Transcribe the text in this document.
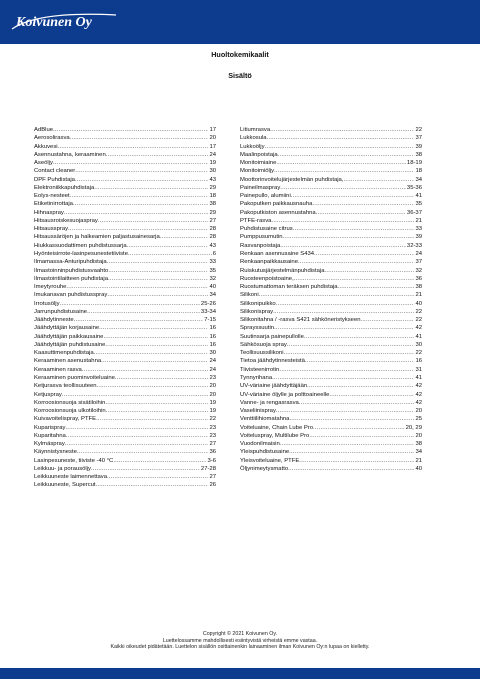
Koivunen Oy
Huoltokemikaalit
Sisältö
AdBlue .....	17
Aerosolirasva .....	20
Akkuvesi .....	17
Asennustahna, keraaminen .....	24
Aseöljy .....	19
Contact cleaner .....	30
DPF Puhdistaja .....	43
Elektroniikkapuhdistaja .....	29
Eolys-nesteet .....	18
Etiketinirrottaja .....	38
Hihnaspray .....	29
Hitsausroiskesuojaspray .....	27
Hitsausspray .....	28
Hitsaussäröjen ja halkeamien paljastusainesarja .....	28
Hiukkassuodattimen puhdistussarja .....	43
Hyönteisirrote-lasinpesunestetiiviste .....	6
Ilmamassa-Anturipuhdistaja .....	33
Ilmastoinninpuhdistusvaahto .....	35
Ilmastointilaitteen puhdistaja .....	32
Imeytyrouhe .....	40
Imukanavan puhdistusspray .....	34
Irrotusöljy .....	25-26
Jarrunpuhdistusaine .....	33-34
Jäähdytinneste .....	7-15
Jäähdyttäjän korjausaine .....	16
Jäähdyttäjän paikkausaine .....	16
Jäähdyttäjän puhdistusaine .....	16
Kaasuttimenpuhdistaja .....	30
Keraaminen asenustahna .....	24
Keraaminen rasva .....	24
Keraaminen puominvoiteluaine .....	23
Ketjurasva teollisuuteen .....	20
Ketjuspray .....	20
Korroosionsuoja sisätiloihin .....	19
Korroosionsuoja ulkotiloihin .....	19
Kuivavoitelispray, PTFE .....	22
Kuparispray .....	23
Kuparitahna .....	23
Kylmäspray .....	27
Käynnistysneste .....	36
Lasinpesuneste, tiiviste -40 °C .....	3-6
Leikkuu- ja porausöljy .....	27-28
Leikkuuneste laimennettava .....	27
Leikkuuneste, Supercut .....	26
Litiumrasva .....	22
Lukkosula .....	37
Lukkoöljy .....	39
Maalinpoistaja .....	38
Monitoimiaine .....	18-19
Monitoimiöljy .....	18
Moottorinvoitelujärjestelmän puhdistaja, .....	34
Paineilmaspray .....	35-36
Painepullo, alumiini .....	41
Pakoputken paikkausnauha .....	35
Pakoputkiston asennustahna .....	36-37
PTFE-rasva .....	21
Puhdistusaine citrus .....	33
Pumppusumutin .....	39
Rasvanpoistaja .....	32-33
Renkaan asennusaine S434 .....	24
Renkaanpaikkausaine .....	37
Ruiskutusjärjestelmänpuhdistaja .....	32
Ruosteenpoistoaine, .....	36
Ruostumattoman teräksen puhdistaja .....	38
Silikoni .....	21
Silikonipuikko .....	40
Silikonispray .....	22
Silikonitahna / -rasva S421 sähköneristykseen .....	22
Sprayssuutin .....	42
Suutinsarja painepullolle .....	41
Sähkösuoja spray .....	30
Teollisuussilikoni .....	22
Tietoa jäähdytinnesteistä .....	16
Tiivisteenirrotin .....	31
Tynnyrihana .....	41
UV-väriaine jäähdyttäjään .....	42
UV-väriaine öljylle ja polttoaineelle .....	42
Vanne- ja rengasrasva .....	42
Vaseliinispray .....	20
Venttiilihiomatahna .....	25
Voiteluaine, Chain Lube Pro .....	20, 29
Voiteluspray, Multilube Pro .....	20
Vuodonilmaisin .....	38
Yleispuhdistusaine .....	34
Yleisvoiteluaine, PTFE .....	21
Öljynimeytysmatto .....	40
Copyright © 2021 Koivunen Oy.
Luettelossamme mahdollisesti esiintyvistä virheistä emme vastaa.
Kaikki oikeudet pidätetään. Luettelon sisällön osittainenkin lainaaminen ilman Koivunen Oy:n lupaa on kielletty.
